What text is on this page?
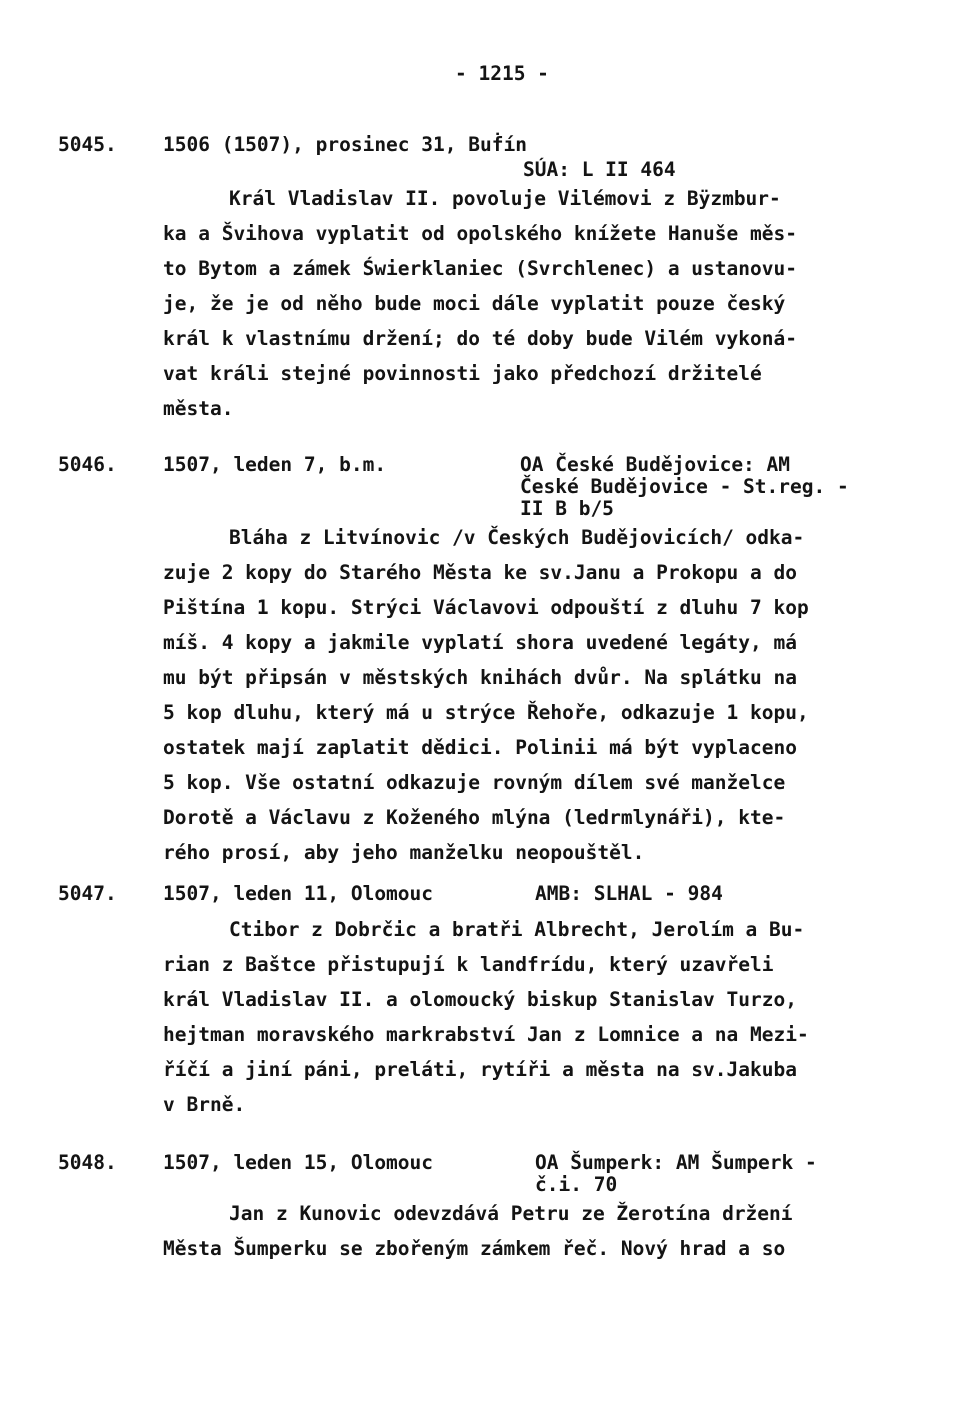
- 1215 -
5045. 1506 (1507), prosinec 31, Bu⁠ḟín
SÚA: L II 464
Král Vladislav II. povoluje Vilémovi z Bÿzmbur-
ka a Švihova vyplatit od opolského knížete Hanuše měs-
to Bytom a zámek Świerklaniec (Svrchlenec) a ustanovu-
je, že je od něho bude moci dále vyplatit pouze český
král k vlastnímu držení; do té doby bude Vilém vykoná-
vat králi stejné povinnosti jako předchozí držitelé
města.
5046. 1507, leden 7, b.m.	OA České Budějovice: AM
České Budějovice - St.reg. -
II B b/5
Bláha z Litvínovic /v Českých Budějovicích/ odka-
zuje 2 kopy do Starého Města ke sv.Janu a Prokopu a do
Pištína 1 kopu. Strýci Václavovi odpouští z dluhu 7 kop
míš. 4 kopy a jakmile vyplatí shora uvedené legáty, má
mu být připsán v městských knihách dvůr. Na splátku na
5 kop dluhu, který má u strýce Řehoře, odkazuje 1 kopu,
ostatek mají zaplatit dědici. Polinii má být vyplaceno
5 kop. Vše ostatní odkazuje rovným dílem své manželce
Dorotě a Václavu z Koženého mlýna (ledrmlynáři), kte-
rého prosí, aby jeho manželku neopouštěl.
5047. 1507, leden 11, Olomouc	AMB: SLHAL - 984
Ctibor z Dobrčic a bratři Albrecht, Jerolím a Bu-
rian z Baštce přistupují k landfrídu, který uzavřeli
král Vladislav II. a olomoucký biskup Stanislav Turzo,
hejtman moravského markrabství Jan z Lomnice a na Mezi-
říčí a jiní páni, preláti, rytíři a města na sv.Jakuba
v Brně.
5048. 1507, leden 15, Olomouc	OA Šumperk: AM Šumperk -
č.i. 70
Jan z Kunovic odevzdává Petru ze Žerotína držení
Města Šumperku se zbořeným zámkem řeč. Nový hrad a so
